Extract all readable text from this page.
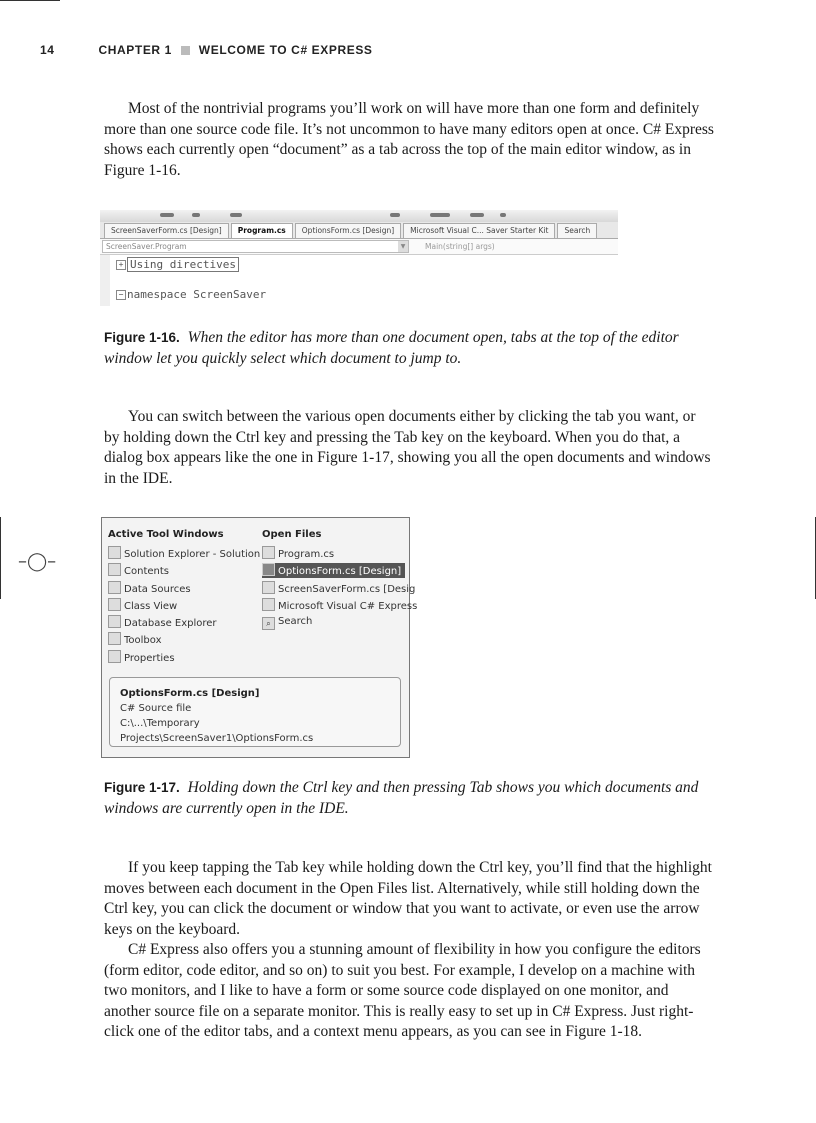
14	CHAPTER 1 WELCOME TO C# EXPRESS

Most of the nontrivial programs you’ll work on will have more than one form and definitely more than one source code file. It’s not uncommon to have many editors open at once. C# Express shows each currently open “document” as a tab across the top of the main editor window, as in Figure 1-16.

ScreenSaverForm.cs [Design]	Program.cs	OptionsForm.cs [Design]	Microsoft Visual C... Saver Starter Kit	Search
ScreenSaver.Program	▼	Main(string[] args)
+ Using directives
− namespace ScreenSaver

Figure 1-16. When the editor has more than one document open, tabs at the top of the editor window let you quickly select which document to jump to.

You can switch between the various open documents either by clicking the tab you want, or by holding down the Ctrl key and pressing the Tab key on the keyboard. When you do that, a dialog box appears like the one in Figure 1-17, showing you all the open documents and windows in the IDE.

–◯–
Active Tool Windows	Open Files
Solution Explorer - Solution
Contents
Data Sources
Class View
Database Explorer
Toolbox
Properties
Program.cs
OptionsForm.cs [Design]
ScreenSaverForm.cs [Desig
Microsoft Visual C# Express
⌕ Search
OptionsForm.cs [Design]
C# Source file
C:\...\Temporary Projects\ScreenSaver1\OptionsForm.cs

Figure 1-17. Holding down the Ctrl key and then pressing Tab shows you which documents and windows are currently open in the IDE.

If you keep tapping the Tab key while holding down the Ctrl key, you’ll find that the highlight moves between each document in the Open Files list. Alternatively, while still holding down the Ctrl key, you can click the document or window that you want to activate, or even use the arrow keys on the keyboard.

C# Express also offers you a stunning amount of flexibility in how you configure the editors (form editor, code editor, and so on) to suit you best. For example, I develop on a machine with two monitors, and I like to have a form or some source code displayed on one monitor, and another source file on a separate monitor. This is really easy to set up in C# Express. Just right-click one of the editor tabs, and a context menu appears, as you can see in Figure 1-18.
